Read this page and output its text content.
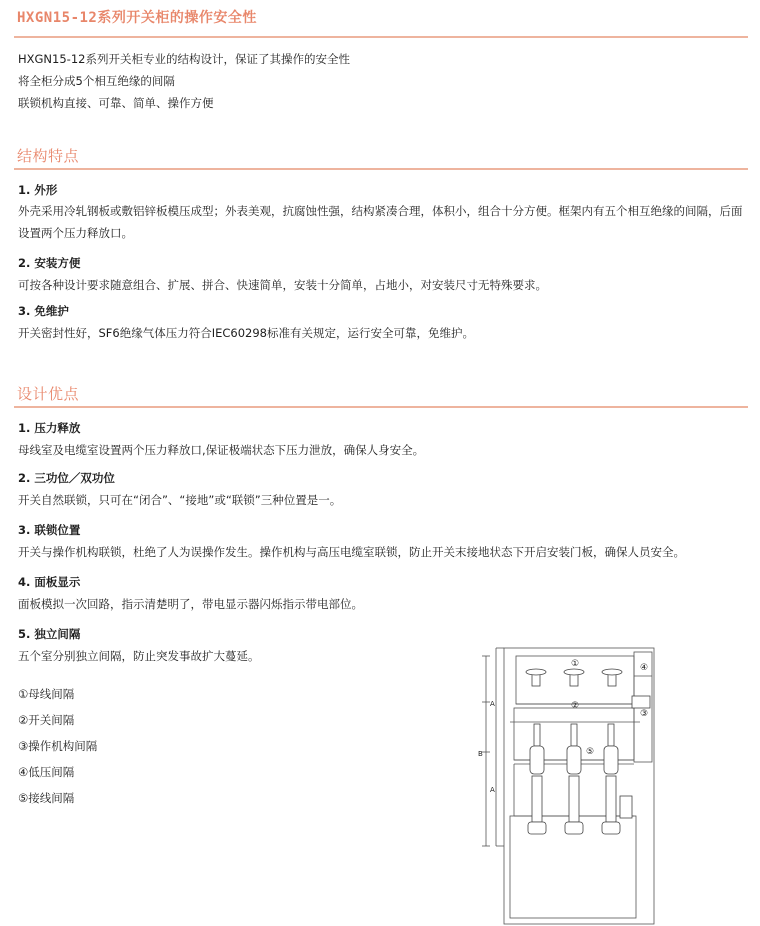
HXGN15-12系列开关柜的操作安全性
HXGN15-12系列开关柜专业的结构设计，保证了其操作的安全性
将全柜分成5个相互绝缘的间隔
联锁机构直接、可靠、简单、操作方便
结构特点
1. 外形
外壳采用冷轧钢板或敷铝锌板模压成型；外表美观，抗腐蚀性强，结构紧凑合理，体积小，组合十分方便。框架内有五个相互绝缘的间隔，后面设置两个压力释放口。
2. 安装方便
可按各种设计要求随意组合、扩展、拼合、快速简单，安装十分简单，占地小，对安装尺寸无特殊要求。
3. 免维护
开关密封性好，SF6绝缘气体压力符合IEC60298标准有关规定，运行安全可靠，免维护。
设计优点
1. 压力释放
母线室及电缆室设置两个压力释放口,保证极端状态下压力泄放，确保人身安全。
2. 三功位／双功位
开关自然联锁，只可在“闭合”、“接地”或“联锁”三种位置是一。
3. 联锁位置
开关与操作机构联锁，杜绝了人为误操作发生。操作机构与高压电缆室联锁，防止开关末接地状态下开启安装门板，确保人员安全。
4. 面板显示
面板模拟一次回路，指示清楚明了，带电显示器闪烁指示带电部位。
5. 独立间隔
五个室分别独立间隔，防止突发事故扩大蔓延。
①母线间隔
②开关间隔
③操作机构间隔
④低压间隔
⑤接线间隔
①
②
③
④
⑤
A
B
A
